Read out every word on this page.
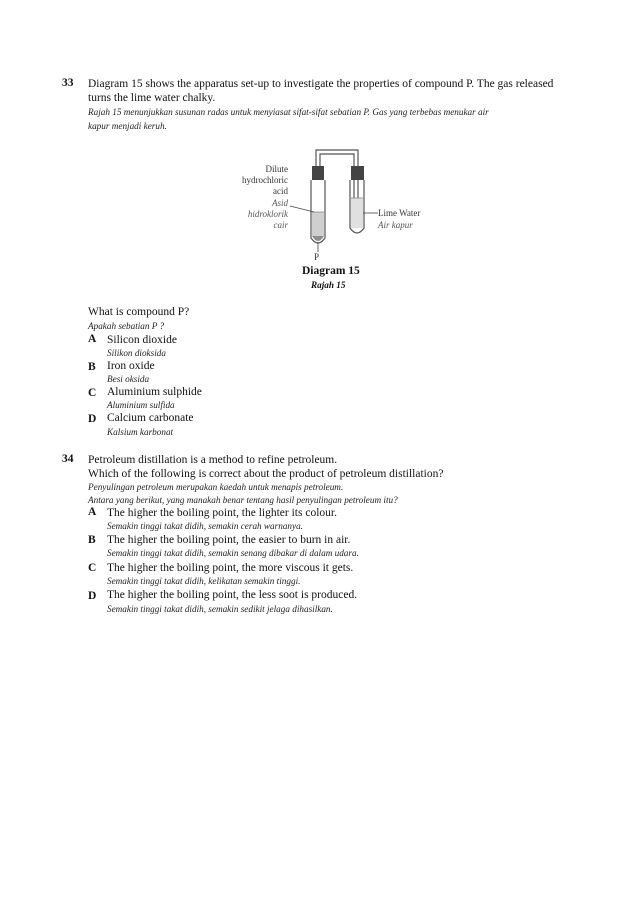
33 Diagram 15 shows the apparatus set-up to investigate the properties of compound P. The gas released
turns the lime water chalky.
Rajah 15 menunjukkan susunan radas untuk menyiasat sifat-sifat sebatian P. Gas yang terbebas menukar air
kapur menjadi keruh.
Dilute
hydrochloric
acid
Asid
hidroklorik
cair
Lime Water
Air kapur
P
Diagram 15
Rajah 15
What is compound P?
Apakah sebatian P ?
A Silicon dioxide
Silikon dioksida
B Iron oxide
Besi oksida
C Aluminium sulphide
Aluminium sulfida
D Calcium carbonate
Kalsium karbonat
34 Petroleum distillation is a method to refine petroleum.
Which of the following is correct about the product of petroleum distillation?
Penyulingan petroleum merupakan kaedah untuk menapis petroleum.
Antara yang berikut, yang manakah benar tentang hasil penyulingan petroleum itu?
A The higher the boiling point, the lighter its colour.
Semakin tinggi takat didih, semakin cerah warnanya.
B The higher the boiling point, the easier to burn in air.
Semakin tinggi takat didih, semakin senang dibakar di dalam udara.
C The higher the boiling point, the more viscous it gets.
Semakin tinggi takat didih, kelikatan semakin tinggi.
D The higher the boiling point, the less soot is produced.
Semakin tinggi takat didih, semakin sedikit jelaga dihasilkan.
